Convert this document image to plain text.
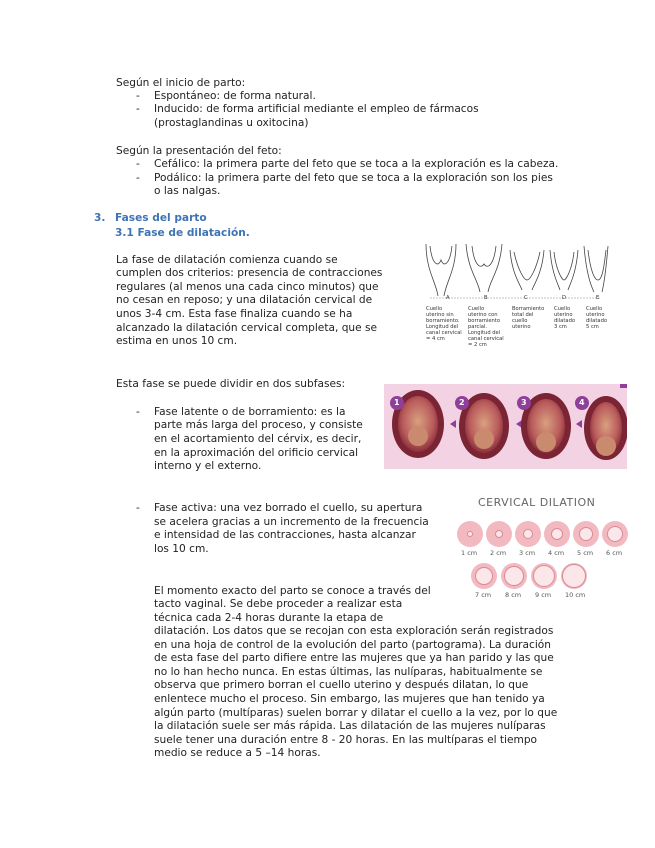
Según el inicio de parto:
- Espontáneo: de forma natural.
- Inducido: de forma artificial mediante el empleo de fármacos
(prostaglandinas u oxitocina)
Según la presentación del feto:
- Cefálico: la primera parte del feto que se toca a la exploración es la cabeza.
- Podálico: la primera parte del feto que se toca a la exploración son los pies
o las nalgas.
3. Fases del parto
3.1 Fase de dilatación.
La fase de dilatación comienza cuando se
cumplen dos criterios: presencia de contracciones
regulares (al menos una cada cinco minutos) que
no cesan en reposo; y una dilatación cervical de
unos 3-4 cm. Esta fase finaliza cuando se ha
alcanzado la dilatación cervical completa, que se
estima en unos 10 cm.
A	B	C	D	E
Cuello
uterino sin
borramiento.
Longitud del
canal cervical
= 4 cm
Cuello
uterino con
borramiento
parcial.
Longitud del
canal cervical
= 2 cm
Borramiento
total del
cuello
uterino
Cuello
uterino
dilatado
3 cm
Cuello
uterino
dilatado
5 cm
Esta fase se puede dividir en dos subfases:
- Fase latente o de borramiento: es la
parte más larga del proceso, y consiste
en el acortamiento del cérvix, es decir,
en la aproximación del orificio cervical
interno y el externo.
1	2	3	4
- Fase activa: una vez borrado el cuello, su apertura
se acelera gracias a un incremento de la frecuencia
e intensidad de las contracciones, hasta alcanzar
los 10 cm.
CERVICAL DILATION
1 cm 2 cm 3 cm 4 cm 5 cm 6 cm
7 cm 8 cm 9 cm 10 cm
El momento exacto del parto se conoce a través del
tacto vaginal. Se debe proceder a realizar esta
técnica cada 2-4 horas durante la etapa de
dilatación. Los datos que se recojan con esta exploración serán registrados
en una hoja de control de la evolución del parto (partograma). La duración
de esta fase del parto difiere entre las mujeres que ya han parido y las que
no lo han hecho nunca. En estas últimas, las nulíparas, habitualmente se
observa que primero borran el cuello uterino y después dilatan, lo que
enlentece mucho el proceso. Sin embargo, las mujeres que han tenido ya
algún parto (multíparas) suelen borrar y dilatar el cuello a la vez, por lo que
la dilatación suele ser más rápida. Las dilatación de las mujeres nulíparas
suele tener una duración entre 8 - 20 horas. En las multíparas el tiempo
medio se reduce a 5 –14 horas.
